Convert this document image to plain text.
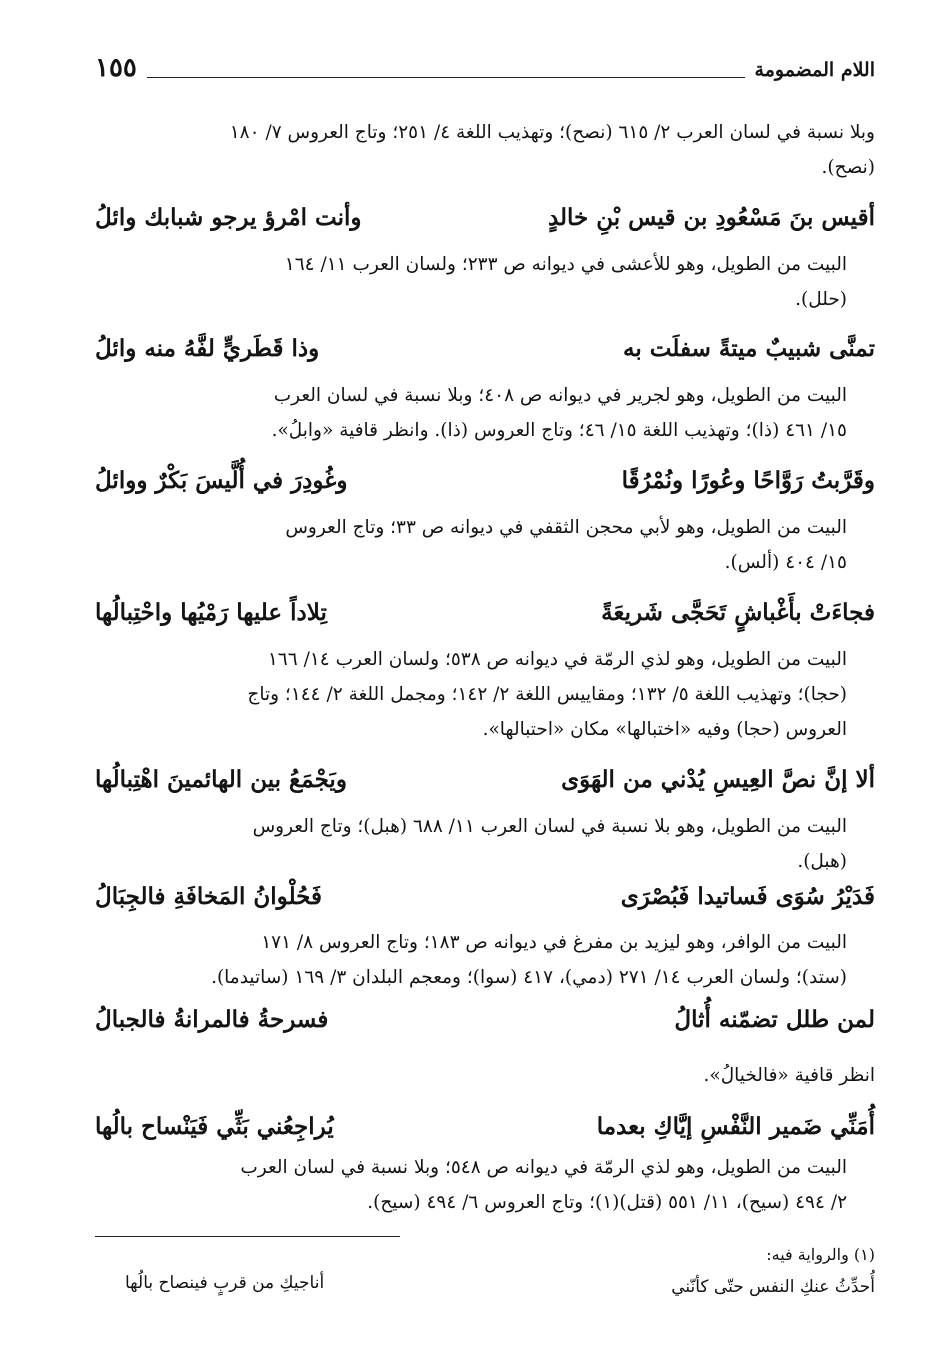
اللام المضمومة
١٥٥
وبلا نسبة في لسان العرب ٢/ ٦١٥ (نصح)؛ وتهذيب اللغة ٤/ ٢٥١؛ وتاج العروس ٧/ ١٨٠
(نصح).
أقيس بنَ مَسْعُودِ بن قيس بْنِ خالدٍ
وأنت امْرؤ يرجو شبابك وائلُ
البيت من الطويل، وهو للأعشى في ديوانه ص ٢٣٣؛ ولسان العرب ١١/ ١٦٤
(حلل).
تمنَّى شبيبٌ ميتةً سفلَت به
وذا قَطَريٍّ لفَّهُ منه وائلُ
البيت من الطويل، وهو لجرير في ديوانه ص ٤٠٨؛ وبلا نسبة في لسان العرب
١٥/ ٤٦١ (ذا)؛ وتهذيب اللغة ١٥/ ٤٦؛ وتاج العروس (ذا). وانظر قافية «وابلُ».
وقَرَّبتُ رَوَّاحًا وعُورًا ونُمْرُقًا
وغُودِرَ في أُلَّيسَ بَكْرٌ ووائلُ
البيت من الطويل، وهو لأبي محجن الثقفي في ديوانه ص ٣٣؛ وتاج العروس
١٥/ ٤٠٤ (ألس).
فجاءَتْ بأَغْباشٍ تَحَجَّى شَريعَةً
تِلاداً عليها رَمْيُها واحْتِبالُها
البيت من الطويل، وهو لذي الرمّة في ديوانه ص ٥٣٨؛ ولسان العرب ١٤/ ١٦٦
(حجا)؛ وتهذيب اللغة ٥/ ١٣٢؛ ومقاييس اللغة ٢/ ١٤٢؛ ومجمل اللغة ٢/ ١٤٤؛ وتاج
العروس (حجا) وفيه «اختبالها» مكان «احتبالها».
ألا إنَّ نصَّ العِيسِ يُدْني من الهَوَى
ويَجْمَعُ بين الهائمينَ اهْتِبالُها
البيت من الطويل، وهو بلا نسبة في لسان العرب ١١/ ٦٨٨ (هبل)؛ وتاج العروس
(هبل).
فَدَيْرُ سُوَى فَساتيدا فَبُصْرَى
فَحُلْوانُ المَخافَةِ فالجِبَالُ
البيت من الوافر، وهو ليزيد بن مفرغ في ديوانه ص ١٨٣؛ وتاج العروس ٨/ ١٧١
(ستد)؛ ولسان العرب ١٤/ ٢٧١ (دمي)، ٤١٧ (سوا)؛ ومعجم البلدان ٣/ ١٦٩ (ساتيدما).
لمن طلل تضمّنه أُثالُ
فسرحةُ فالمرانةُ فالجبالُ
انظر قافية «فالخيالُ».
أُمَنِّي ضَمير النَّفْسِ إيَّاكِ بعدما
يُراجِعُني بَثِّي فَيَنْساح بالُها
البيت من الطويل، وهو لذي الرمّة في ديوانه ص ٥٤٨؛ وبلا نسبة في لسان العرب
٢/ ٤٩٤ (سيح)، ١١/ ٥٥١ (قتل)(١)؛ وتاج العروس ٦/ ٤٩٤ (سيح).
(١) والرواية فيه:
أُحدِّثُ عنكِ النفس حتّى كأنّني
أناجيكِ من قربٍ فينصاح بالُها
